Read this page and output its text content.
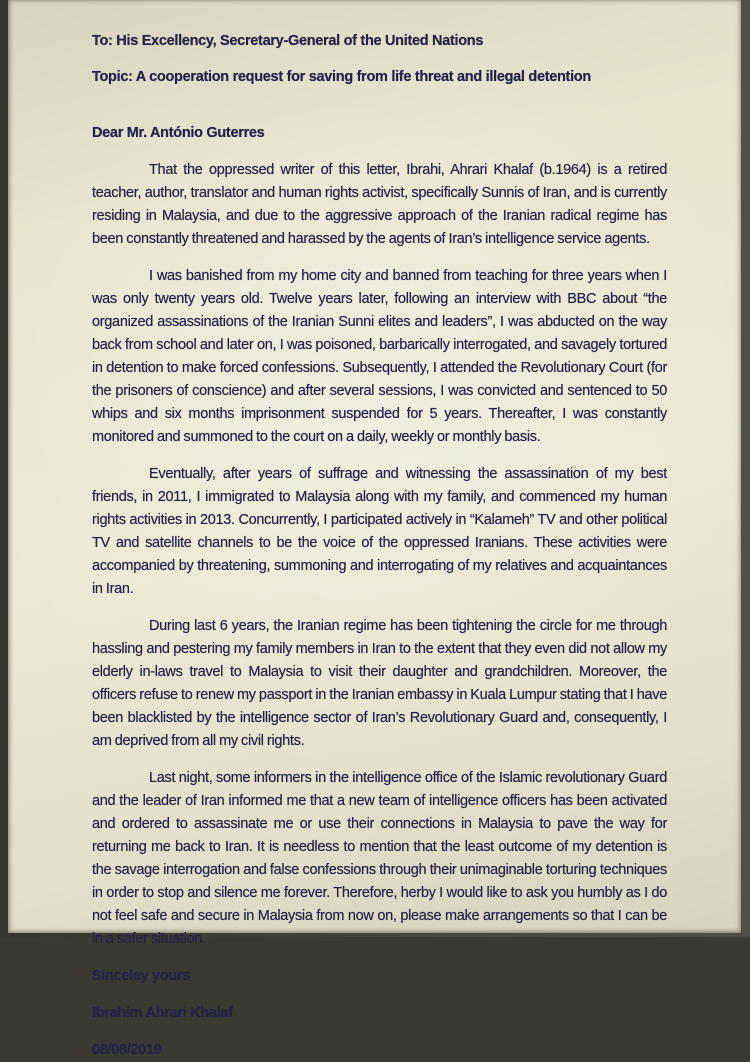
To: His Excellency, Secretary-General of the United Nations

Topic: A cooperation request for saving from life threat and illegal detention

Dear Mr. António Guterres

That the oppressed writer of this letter, Ibrahi, Ahrari Khalaf (b.1964) is a retired teacher, author, translator and human rights activist, specifically Sunnis of Iran, and is currently residing in Malaysia, and due to the aggressive approach of the Iranian radical regime has been constantly threatened and harassed by the agents of Iran’s intelligence service agents.

I was banished from my home city and banned from teaching for three years when I was only twenty years old. Twelve years later, following an interview with BBC about “the organized assassinations of the Iranian Sunni elites and leaders”, I was abducted on the way back from school and later on, I was poisoned, barbarically interrogated, and savagely tortured in detention to make forced confessions. Subsequently, I attended the Revolutionary Court (for the prisoners of conscience) and after several sessions, I was convicted and sentenced to 50 whips and six months imprisonment suspended for 5 years. Thereafter, I was constantly monitored and summoned to the court on a daily, weekly or monthly basis.

Eventually, after years of suffrage and witnessing the assassination of my best friends, in 2011, I immigrated to Malaysia along with my family, and commenced my human rights activities in 2013. Concurrently, I participated actively in “Kalameh” TV and other political TV and satellite channels to be the voice of the oppressed Iranians. These activities were accompanied by threatening, summoning and interrogating of my relatives and acquaintances in Iran.

During last 6 years, the Iranian regime has been tightening the circle for me through hassling and pestering my family members in Iran to the extent that they even did not allow my elderly in-laws travel to Malaysia to visit their daughter and grandchildren. Moreover, the officers refuse to renew my passport in the Iranian embassy in Kuala Lumpur stating that I have been blacklisted by the intelligence sector of Iran’s Revolutionary Guard and, consequently, I am deprived from all my civil rights.

Last night, some informers in the intelligence office of the Islamic revolutionary Guard and the leader of Iran informed me that a new team of intelligence officers has been activated and ordered to assassinate me or use their connections in Malaysia to pave the way for returning me back to Iran. It is needless to mention that the least outcome of my detention is the savage interrogation and false confessions through their unimaginable torturing techniques in order to stop and silence me forever. Therefore, herby I would like to ask you humbly as I do not feel safe and secure in Malaysia from now on, please make arrangements so that I can be in a safer situation.

Sinceley yours

Ibrahim Ahrari Khalaf

08/08/2019
